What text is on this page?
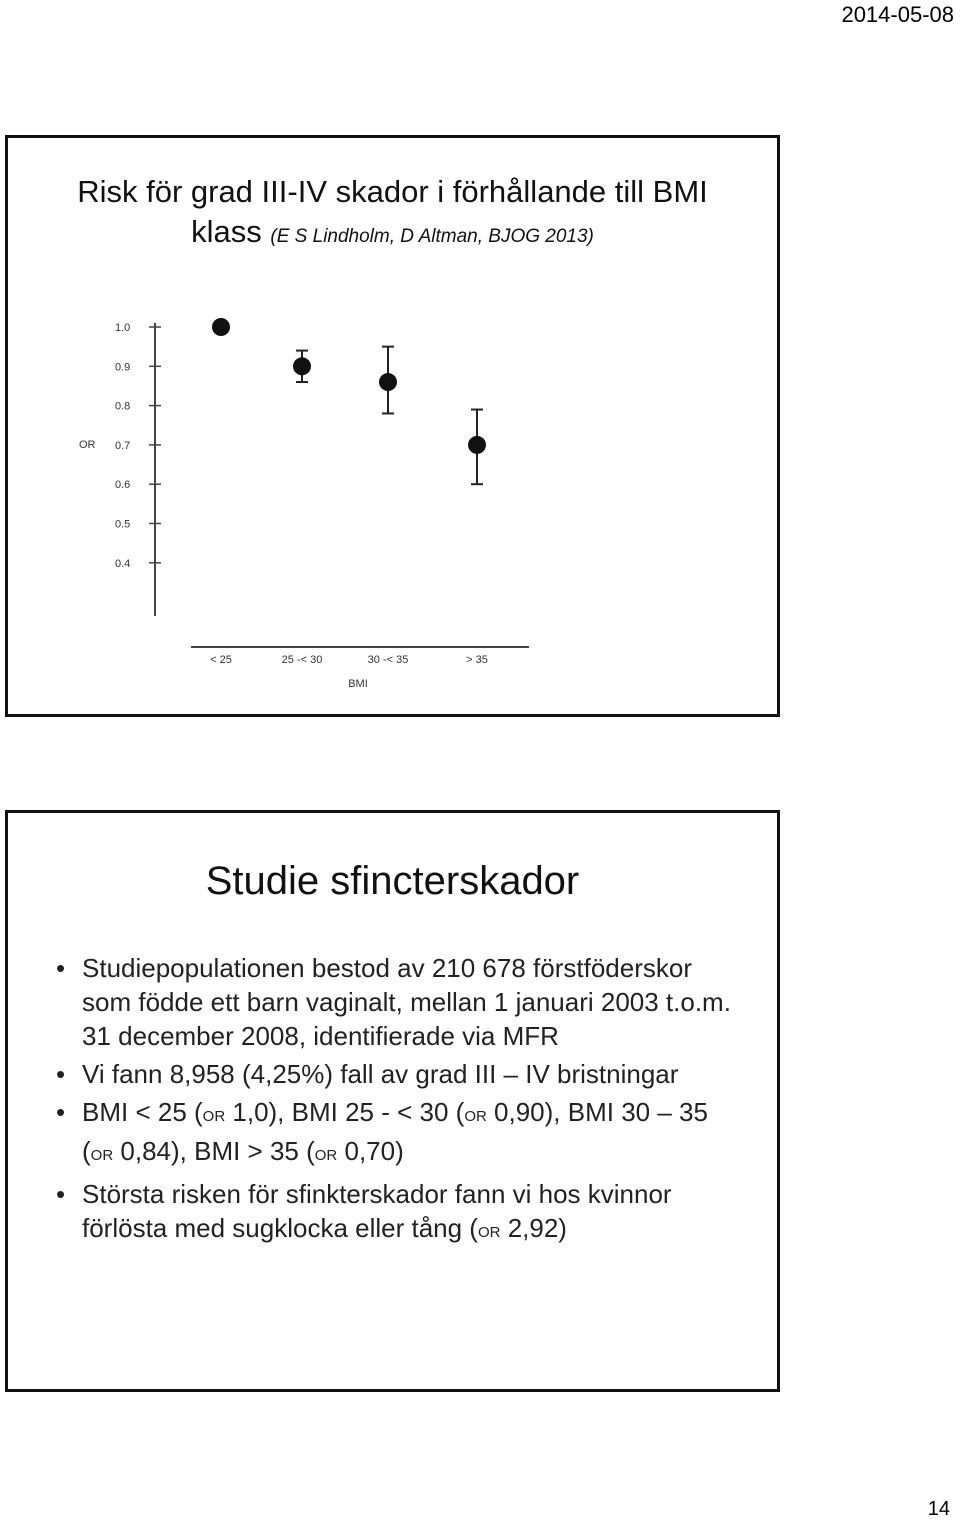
2014-05-08
Risk för grad III-IV skador i förhållande till BMI
klass (E S Lindholm, D Altman, BJOG 2013)
OR
1.0
0.9
0.8
0.7
0.6
0.5
0.4
< 25	25 -< 30	30 -< 35	> 35
BMI
Studie sfincterskador
• Studiepopulationen bestod av 210 678 förstföderskor som födde ett barn vaginalt, mellan 1 januari 2003 t.o.m. 31 december 2008, identifierade via MFR
• Vi fann 8,958 (4,25%) fall av grad III – IV bristningar
• BMI < 25 (OR 1,0), BMI 25 - < 30 (OR 0,90), BMI 30 – 35 (OR 0,84), BMI > 35 (OR 0,70)
• Största risken för sfinkterskador fann vi hos kvinnor förlösta med sugklocka eller tång (OR 2,92)
14
